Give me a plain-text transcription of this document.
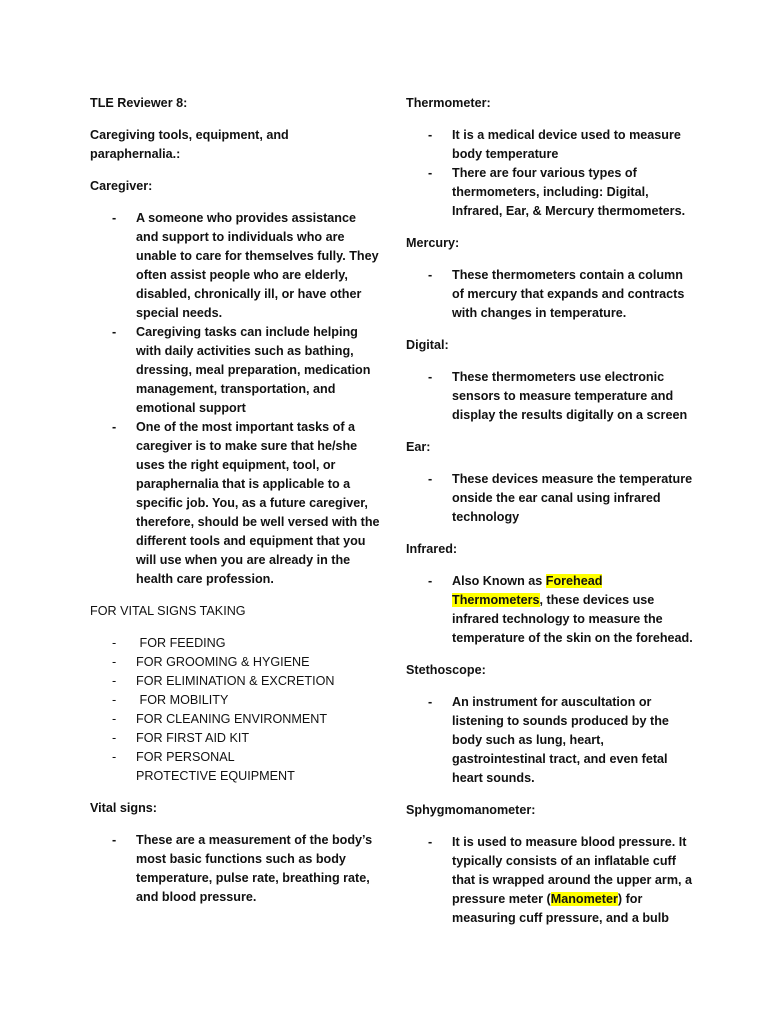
TLE Reviewer 8:

Caregiving tools, equipment, and paraphernalia.:

Caregiver:

- A someone who provides assistance and support to individuals who are unable to care for themselves fully. They often assist people who are elderly, disabled, chronically ill, or have other special needs.
- Caregiving tasks can include helping with daily activities such as bathing, dressing, meal preparation, medication management, transportation, and emotional support
- One of the most important tasks of a caregiver is to make sure that he/she uses the right equipment, tool, or paraphernalia that is applicable to a specific job. You, as a future caregiver, therefore, should be well versed with the different tools and equipment that you will use when you are already in the health care profession.

FOR VITAL SIGNS TAKING

-  FOR FEEDING
- FOR GROOMING & HYGIENE
- FOR ELIMINATION & EXCRETION
-  FOR MOBILITY
- FOR CLEANING ENVIRONMENT
- FOR FIRST AID KIT
- FOR PERSONAL PROTECTIVE EQUIPMENT

Vital signs:

- These are a measurement of the body’s most basic functions such as body temperature, pulse rate, breathing rate, and blood pressure.

Thermometer:

- It is a medical device used to measure body temperature
- There are four various types of thermometers, including: Digital, Infrared, Ear, & Mercury thermometers.

Mercury:

- These thermometers contain a column of mercury that expands and contracts with changes in temperature.

Digital:

- These thermometers use electronic sensors to measure temperature and display the results digitally on a screen

Ear:

- These devices measure the temperature onside the ear canal using infrared technology

Infrared:

- Also Known as Forehead Thermometers, these devices use infrared technology to measure the temperature of the skin on the forehead.

Stethoscope:

- An instrument for auscultation or listening to sounds produced by the body such as lung, heart, gastrointestinal tract, and even fetal heart sounds.

Sphygmomanometer:

- It is used to measure blood pressure. It typically consists of an inflatable cuff that is wrapped around the upper arm, a pressure meter (Manometer) for measuring cuff pressure, and a bulb
